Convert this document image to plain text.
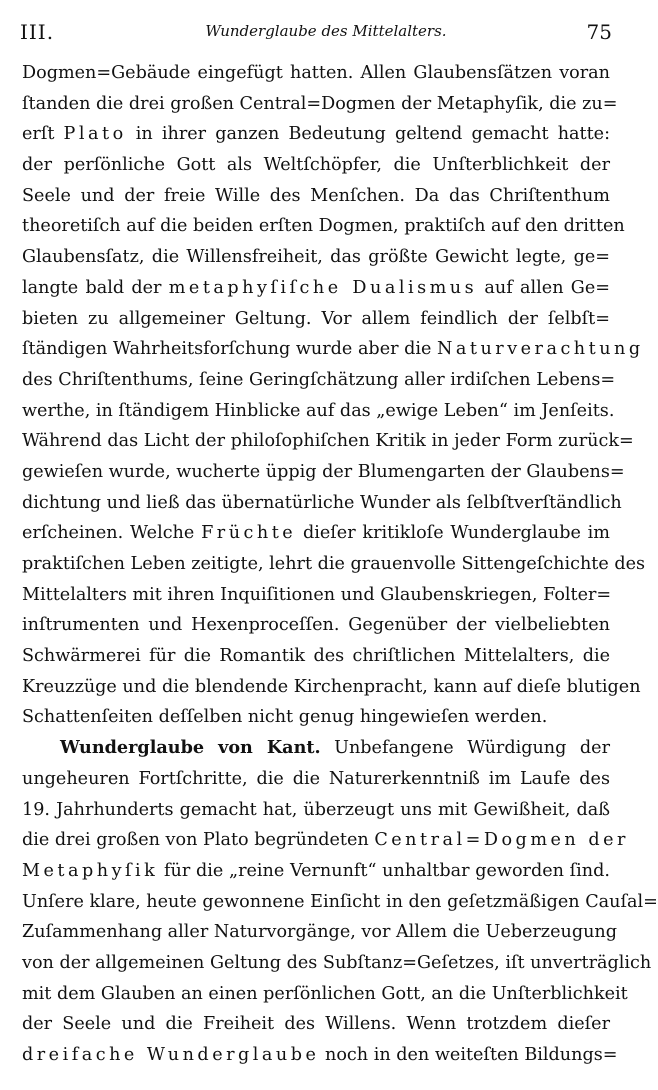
III.	Wunderglaube des Mittelalters.	75
Dogmen=Gebäude eingefügt hatten. Allen Glaubensſätzen voran
ſtanden die drei großen Central=Dogmen der Metaphyſik, die zu=
erſt Plato in ihrer ganzen Bedeutung geltend gemacht hatte:
der perſönliche Gott als Weltſchöpfer, die Unſterblichkeit der
Seele und der freie Wille des Menſchen. Da das Chriſtenthum
theoretiſch auf die beiden erſten Dogmen, praktiſch auf den dritten
Glaubensſatz, die Willensfreiheit, das größte Gewicht legte, ge=
langte bald der metaphyſiſche Dualismus auf allen Ge=
bieten zu allgemeiner Geltung. Vor allem feindlich der ſelbſt=
ſtändigen Wahrheitsforſchung wurde aber die Naturverachtung
des Chriſtenthums, ſeine Geringſchätzung aller irdiſchen Lebens=
werthe, in ſtändigem Hinblicke auf das „ewige Leben“ im Jenſeits.
Während das Licht der philoſophiſchen Kritik in jeder Form zurück=
gewieſen wurde, wucherte üppig der Blumengarten der Glaubens=
dichtung und ließ das übernatürliche Wunder als ſelbſtverſtändlich
erſcheinen. Welche Früchte dieſer kritikloſe Wunderglaube im
praktiſchen Leben zeitigte, lehrt die grauenvolle Sittengeſchichte des
Mittelalters mit ihren Inquiſitionen und Glaubenskriegen, Folter=
inſtrumenten und Hexenproceſſen. Gegenüber der vielbeliebten
Schwärmerei für die Romantik des chriſtlichen Mittelalters, die
Kreuzzüge und die blendende Kirchenpracht, kann auf dieſe blutigen
Schattenſeiten deſſelben nicht genug hingewieſen werden.
Wunderglaube von Kant. Unbefangene Würdigung der
ungeheuren Fortſchritte, die die Naturerkenntniß im Laufe des
19. Jahrhunderts gemacht hat, überzeugt uns mit Gewißheit, daß
die drei großen von Plato begründeten Central=Dogmen der
Metaphyſik für die „reine Vernunft“ unhaltbar geworden ſind.
Unſere klare, heute gewonnene Einſicht in den geſetzmäßigen Cauſal=
Zuſammenhang aller Naturvorgänge, vor Allem die Ueberzeugung
von der allgemeinen Geltung des Subſtanz=Geſetzes, iſt unverträglich
mit dem Glauben an einen perſönlichen Gott, an die Unſterblichkeit
der Seele und die Freiheit des Willens. Wenn trotzdem dieſer
dreifache Wunderglaube noch in den weiteſten Bildungs=
